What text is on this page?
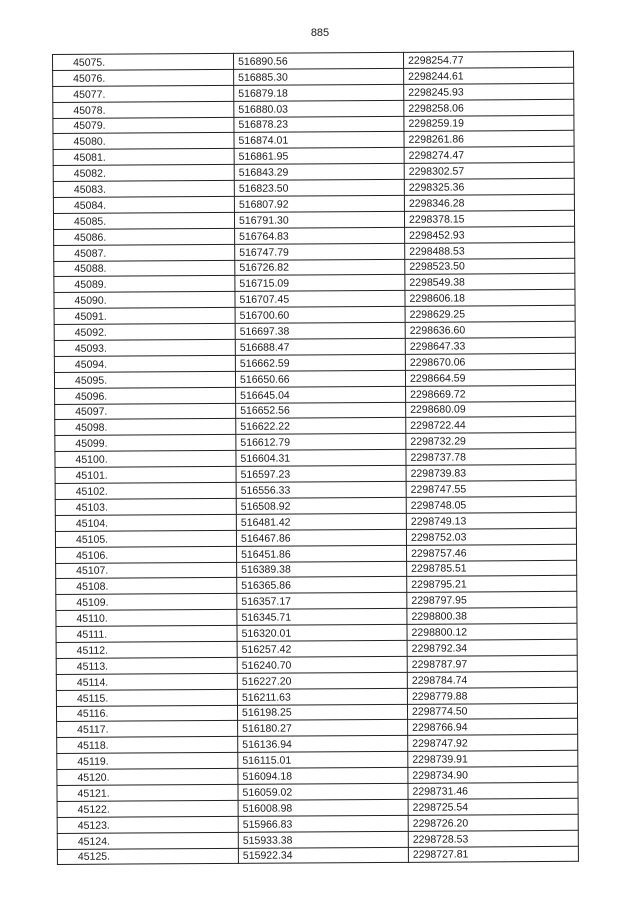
885
45075.	516890.56	2298254.77
45076.	516885.30	2298244.61
45077.	516879.18	2298245.93
45078.	516880.03	2298258.06
45079.	516878.23	2298259.19
45080.	516874.01	2298261.86
45081.	516861.95	2298274.47
45082.	516843.29	2298302.57
45083.	516823.50	2298325.36
45084.	516807.92	2298346.28
45085.	516791.30	2298378.15
45086.	516764.83	2298452.93
45087.	516747.79	2298488.53
45088.	516726.82	2298523.50
45089.	516715.09	2298549.38
45090.	516707.45	2298606.18
45091.	516700.60	2298629.25
45092.	516697.38	2298636.60
45093.	516688.47	2298647.33
45094.	516662.59	2298670.06
45095.	516650.66	2298664.59
45096.	516645.04	2298669.72
45097.	516652.56	2298680.09
45098.	516622.22	2298722.44
45099.	516612.79	2298732.29
45100.	516604.31	2298737.78
45101.	516597.23	2298739.83
45102.	516556.33	2298747.55
45103.	516508.92	2298748.05
45104.	516481.42	2298749.13
45105.	516467.86	2298752.03
45106.	516451.86	2298757.46
45107.	516389.38	2298785.51
45108.	516365.86	2298795.21
45109.	516357.17	2298797.95
45110.	516345.71	2298800.38
45111.	516320.01	2298800.12
45112.	516257.42	2298792.34
45113.	516240.70	2298787.97
45114.	516227.20	2298784.74
45115.	516211.63	2298779.88
45116.	516198.25	2298774.50
45117.	516180.27	2298766.94
45118.	516136.94	2298747.92
45119.	516115.01	2298739.91
45120.	516094.18	2298734.90
45121.	516059.02	2298731.46
45122.	516008.98	2298725.54
45123.	515966.83	2298726.20
45124.	515933.38	2298728.53
45125.	515922.34	2298727.81
